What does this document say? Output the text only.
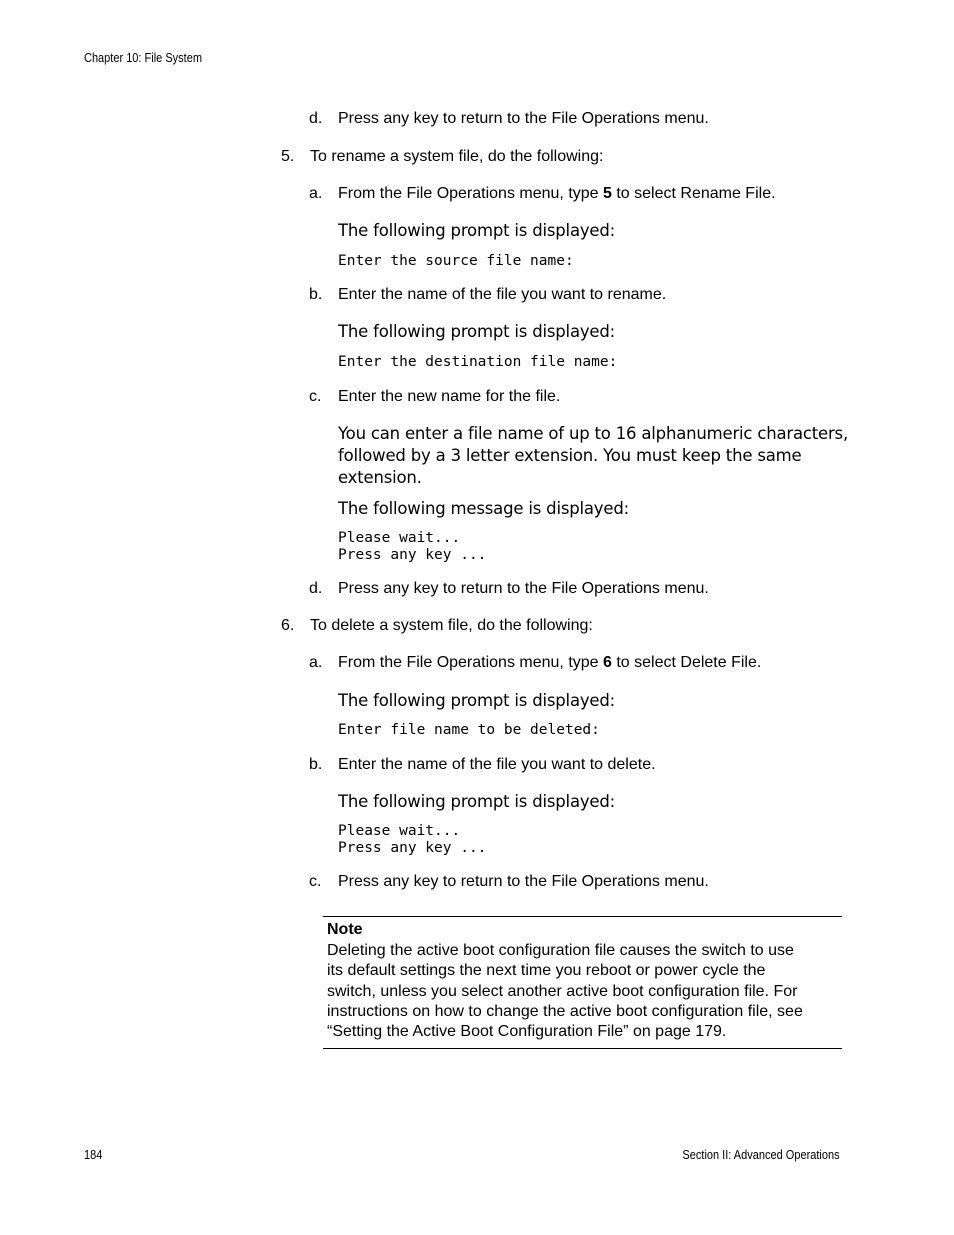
Chapter 10: File System
d. Press any key to return to the File Operations menu.
5. To rename a system file, do the following:
a. From the File Operations menu, type 5 to select Rename File.
The following prompt is displayed:
Enter the source file name:
b. Enter the name of the file you want to rename.
The following prompt is displayed:
Enter the destination file name:
c. Enter the new name for the file.
You can enter a file name of up to 16 alphanumeric characters,
followed by a 3 letter extension. You must keep the same
extension.
The following message is displayed:
Please wait...
Press any key ...
d. Press any key to return to the File Operations menu.
6. To delete a system file, do the following:
a. From the File Operations menu, type 6 to select Delete File.
The following prompt is displayed:
Enter file name to be deleted:
b. Enter the name of the file you want to delete.
The following prompt is displayed:
Please wait...
Press any key ...
c. Press any key to return to the File Operations menu.
Note
Deleting the active boot configuration file causes the switch to use
its default settings the next time you reboot or power cycle the
switch, unless you select another active boot configuration file. For
instructions on how to change the active boot configuration file, see
“Setting the Active Boot Configuration File” on page 179.
184	Section II: Advanced Operations
